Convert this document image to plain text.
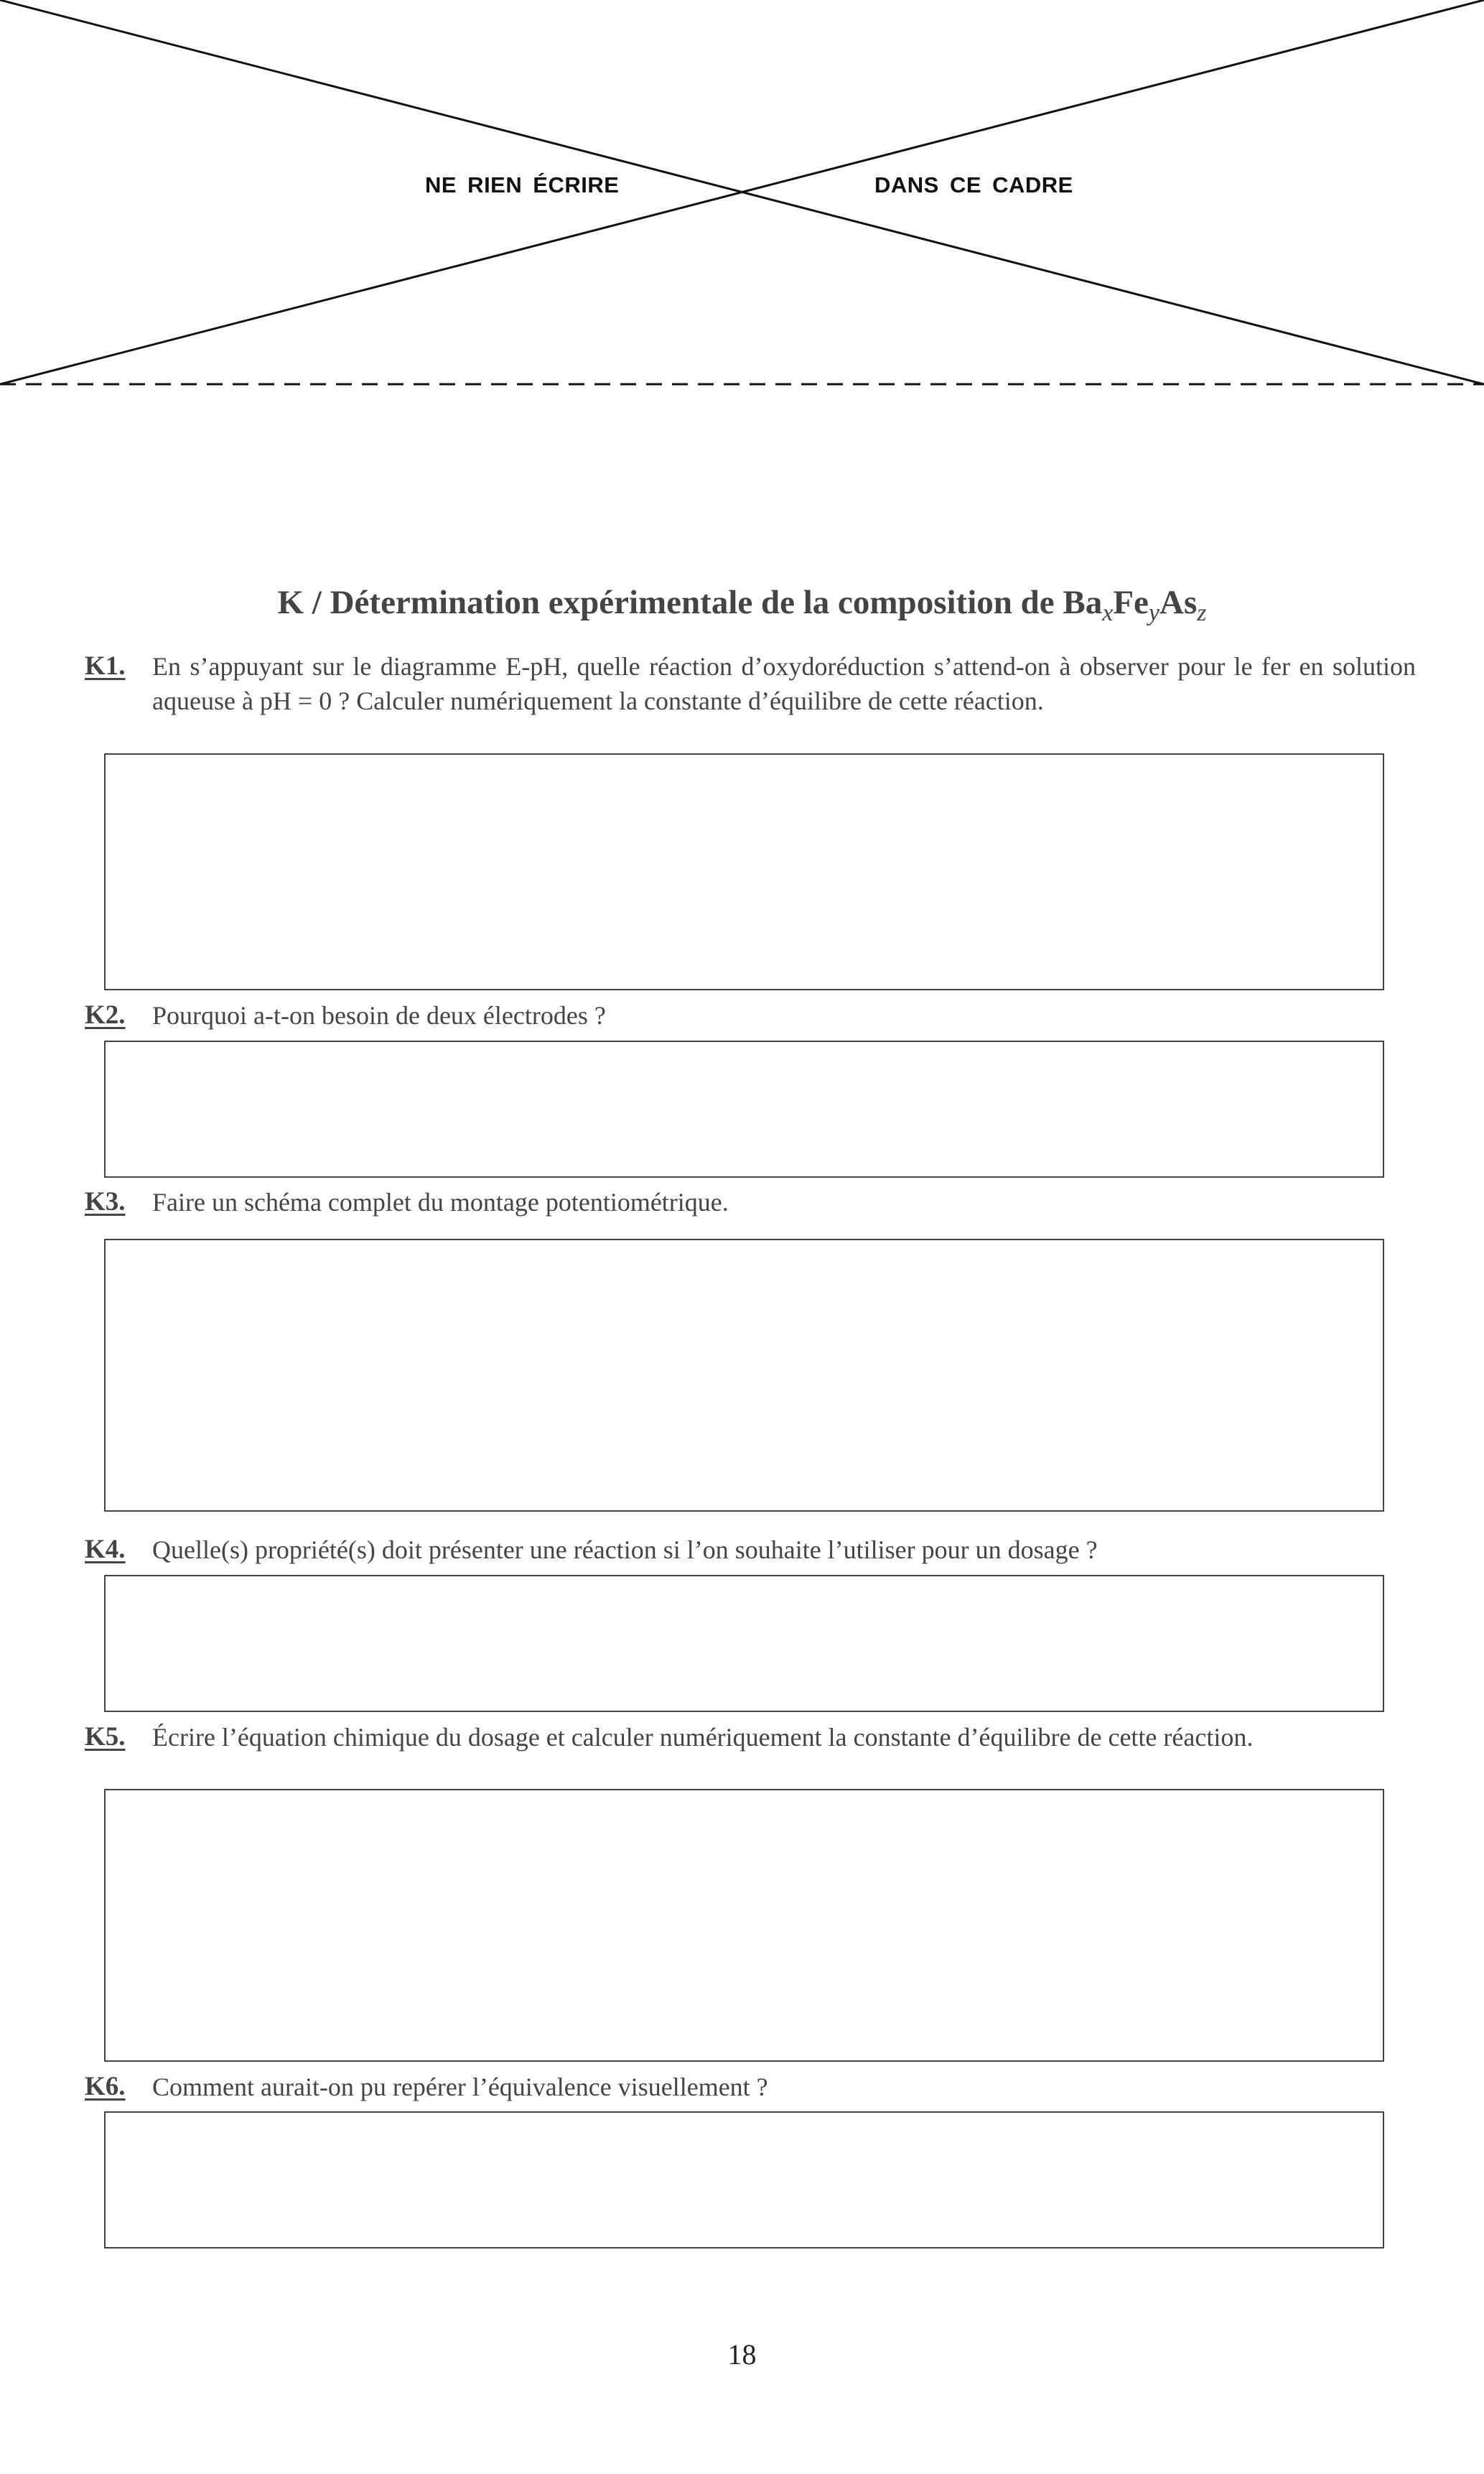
NE RIEN ÉCRIRE	DANS CE CADRE
K / Détermination expérimentale de la composition de $Ba_xFe_yAs_z$
K1. En s’appuyant sur le diagramme E-pH, quelle réaction d’oxydoréduction s’attend-on à observer pour le fer en solution aqueuse à pH = 0 ? Calculer numériquement la constante d’équilibre de cette réaction.
K2. Pourquoi a-t-on besoin de deux électrodes ?
K3. Faire un schéma complet du montage potentiométrique.
K4. Quelle(s) propriété(s) doit présenter une réaction si l’on souhaite l’utiliser pour un dosage ?
K5. Écrire l’équation chimique du dosage et calculer numériquement la constante d’équilibre de cette réaction.
K6. Comment aurait-on pu repérer l’équivalence visuellement ?
18
